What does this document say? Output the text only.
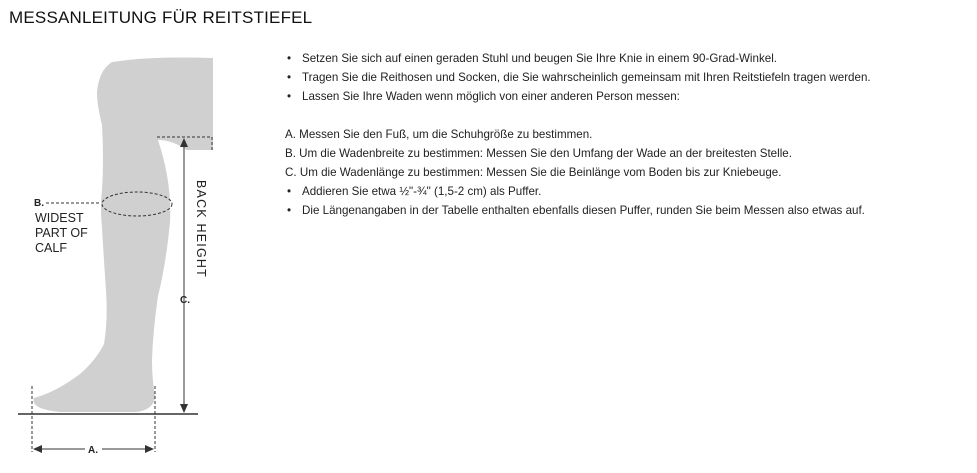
MESSANLEITUNG FÜR REITSTIEFEL
B.
WIDEST
PART OF
CALF
C.
BACK HEIGHT
A.
• Setzen Sie sich auf einen geraden Stuhl und beugen Sie Ihre Knie in einem 90-Grad-Winkel.
• Tragen Sie die Reithosen und Socken, die Sie wahrscheinlich gemeinsam mit Ihren Reitstiefeln tragen werden.
• Lassen Sie Ihre Waden wenn möglich von einer anderen Person messen:
A. Messen Sie den Fuß, um die Schuhgröße zu bestimmen.
B. Um die Wadenbreite zu bestimmen: Messen Sie den Umfang der Wade an der breitesten Stelle.
C. Um die Wadenlänge zu bestimmen: Messen Sie die Beinlänge vom Boden bis zur Kniebeuge.
• Addieren Sie etwa ½"-¾" (1,5-2 cm) als Puffer.
• Die Längenangaben in der Tabelle enthalten ebenfalls diesen Puffer, runden Sie beim Messen also etwas auf.
